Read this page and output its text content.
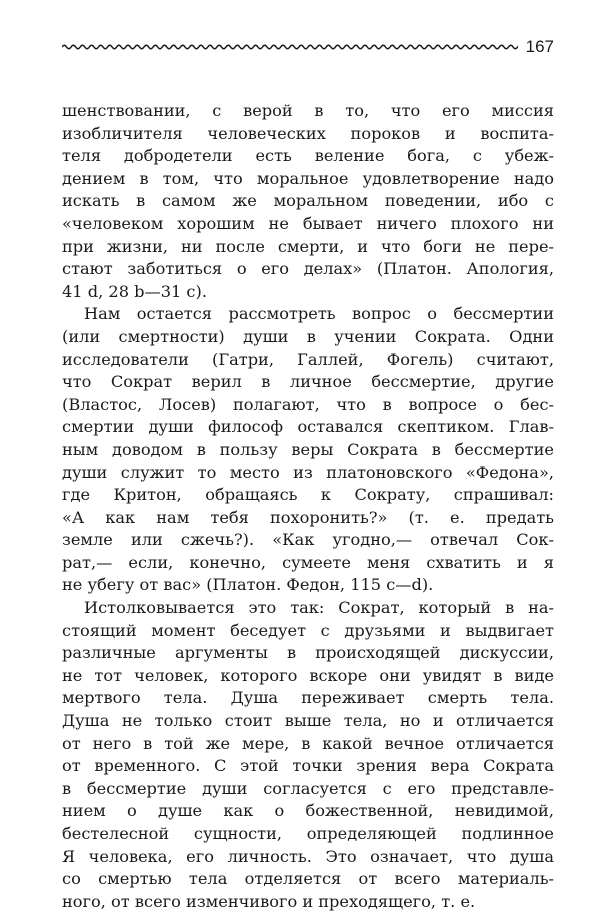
167

шенствовании, с верой в то, что его миссия
изобличителя человеческих пороков и воспита-
теля добродетели есть веление бога, с убеж-
дением в том, что моральное удовлетворение надо
искать в самом же моральном поведении, ибо с
«человеком хорошим не бывает ничего плохого ни
при жизни, ни после смерти, и что боги не пере-
стают заботиться о его делах» (Платон. Апология,
41 d, 28 b—31 c).

Нам остается рассмотреть вопрос о бессмертии
(или смертности) души в учении Сократа. Одни
исследователи (Гатри, Галлей, Фогель) считают,
что Сократ верил в личное бессмертие, другие
(Властос, Лосев) полагают, что в вопросе о бес-
смертии души философ оставался скептиком. Глав-
ным доводом в пользу веры Сократа в бессмертие
души служит то место из платоновского «Федона»,
где Критон, обращаясь к Сократу, спрашивал:
«А как нам тебя похоронить?» (т. е. предать
земле или сжечь?). «Как угодно,— отвечал Сок-
рат,— если, конечно, сумеете меня схватить и я
не убегу от вас» (Платон. Федон, 115 c—d).

Истолковывается это так: Сократ, который в на-
стоящий момент беседует с друзьями и выдвигает
различные аргументы в происходящей дискуссии,
не тот человек, которого вскоре они увидят в виде
мертвого тела. Душа переживает смерть тела.
Душа не только стоит выше тела, но и отличается
от него в той же мере, в какой вечное отличается
от временного. С этой точки зрения вера Сократа
в бессмертие души согласуется с его представле-
нием о душе как о божественной, невидимой,
бестелесной сущности, определяющей подлинное
Я человека, его личность. Это означает, что душа
со смертью тела отделяется от всего материаль-
ного, от всего изменчивого и преходящего, т. е.
